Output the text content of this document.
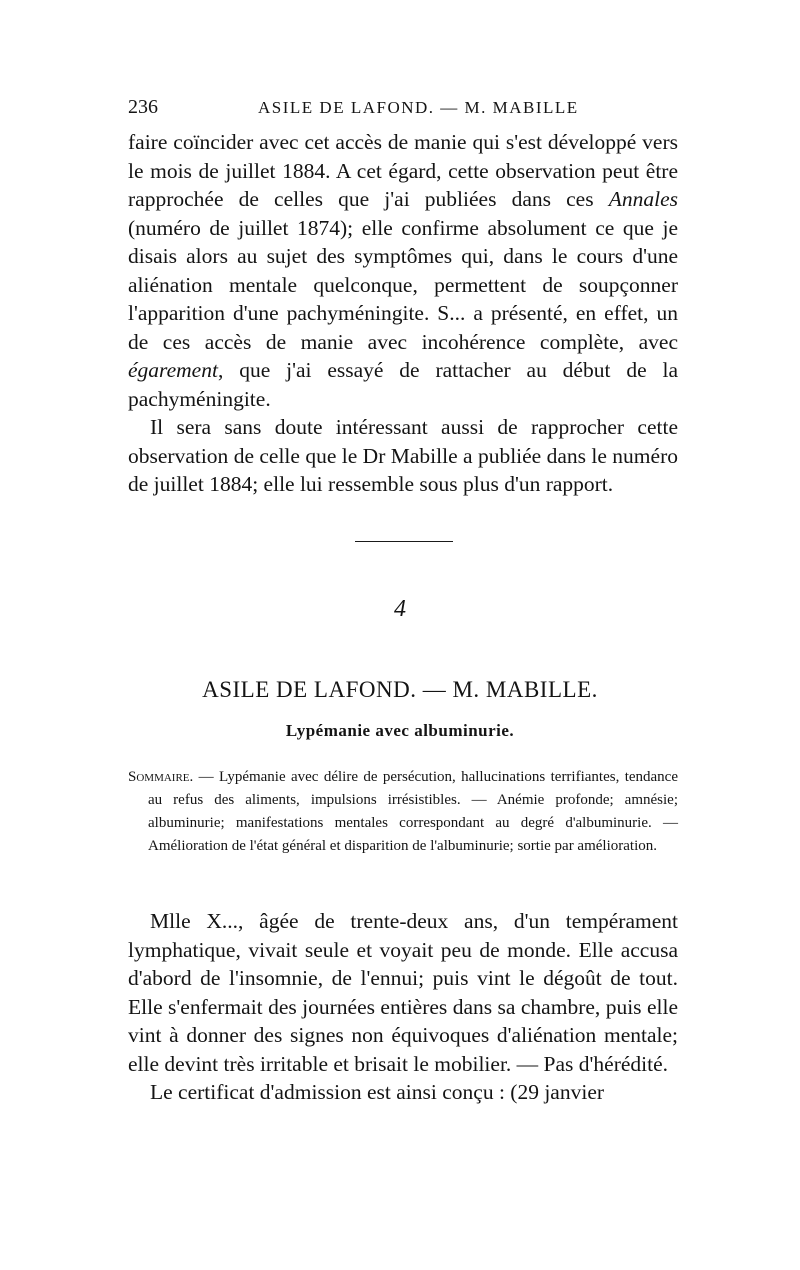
236	ASILE DE LAFOND. — M. MABILLE

faire coïncider avec cet accès de manie qui s'est développé vers le mois de juillet 1884. A cet égard, cette observation peut être rapprochée de celles que j'ai publiées dans ces Annales (numéro de juillet 1874); elle confirme absolument ce que je disais alors au sujet des symptômes qui, dans le cours d'une aliénation mentale quelconque, permettent de soupçonner l'apparition d'une pachyméningite. S... a présenté, en effet, un de ces accès de manie avec incohérence complète, avec égarement, que j'ai essayé de rattacher au début de la pachyméningite.

Il sera sans doute intéressant aussi de rapprocher cette observation de celle que le Dr Mabille a publiée dans le numéro de juillet 1884; elle lui ressemble sous plus d'un rapport.

4
ASILE DE LAFOND. — M. MABILLE.
Lypémanie avec albuminurie.

Sommaire. — Lypémanie avec délire de persécution, hallucinations terrifiantes, tendance au refus des aliments, impulsions irrésistibles. — Anémie profonde; amnésie; albuminurie; manifestations mentales correspondant au degré d'albuminurie. — Amélioration de l'état général et disparition de l'albuminurie; sortie par amélioration.

Mlle X..., âgée de trente-deux ans, d'un tempérament lymphatique, vivait seule et voyait peu de monde. Elle accusa d'abord de l'insomnie, de l'ennui; puis vint le dégoût de tout. Elle s'enfermait des journées entières dans sa chambre, puis elle vint à donner des signes non équivoques d'aliénation mentale; elle devint très irritable et brisait le mobilier. — Pas d'hérédité.

Le certificat d'admission est ainsi conçu : (29 janvier
